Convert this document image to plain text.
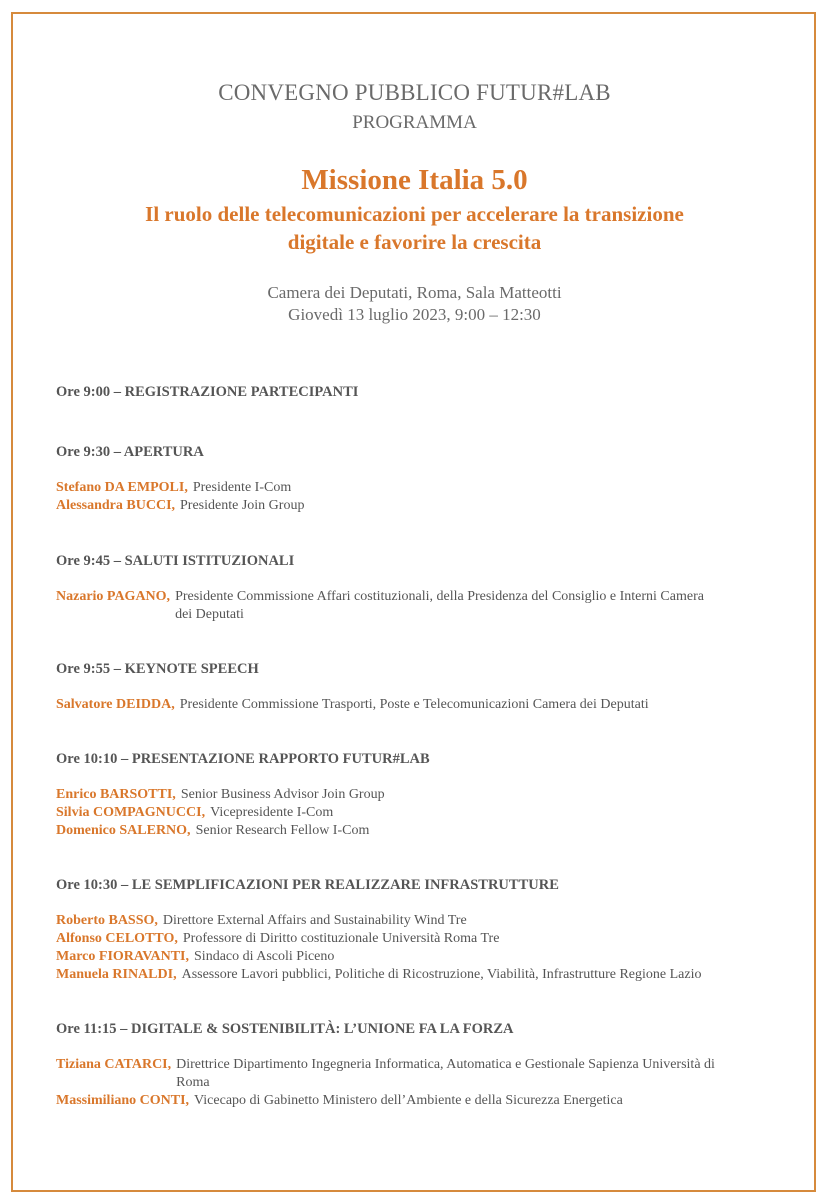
CONVEGNO PUBBLICO FUTUR#LAB
PROGRAMMA
Missione Italia 5.0
Il ruolo delle telecomunicazioni per accelerare la transizione
digitale e favorire la crescita
Camera dei Deputati, Roma, Sala Matteotti
Giovedì 13 luglio 2023, 9:00 – 12:30
Ore 9:00 – REGISTRAZIONE PARTECIPANTI
Ore 9:30 – APERTURA
Stefano DA EMPOLI, Presidente I-Com
Alessandra BUCCI, Presidente Join Group
Ore 9:45 – SALUTI ISTITUZIONALI
Nazario PAGANO, Presidente Commissione Affari costituzionali, della Presidenza del Consiglio e Interni Camera dei Deputati
Ore 9:55 – KEYNOTE SPEECH
Salvatore DEIDDA, Presidente Commissione Trasporti, Poste e Telecomunicazioni Camera dei Deputati
Ore 10:10 – PRESENTAZIONE RAPPORTO FUTUR#LAB
Enrico BARSOTTI, Senior Business Advisor Join Group
Silvia COMPAGNUCCI, Vicepresidente I-Com
Domenico SALERNO, Senior Research Fellow I-Com
Ore 10:30 – LE SEMPLIFICAZIONI PER REALIZZARE INFRASTRUTTURE
Roberto BASSO, Direttore External Affairs and Sustainability Wind Tre
Alfonso CELOTTO, Professore di Diritto costituzionale Università Roma Tre
Marco FIORAVANTI, Sindaco di Ascoli Piceno
Manuela RINALDI, Assessore Lavori pubblici, Politiche di Ricostruzione, Viabilità, Infrastrutture Regione Lazio
Ore 11:15 – DIGITALE & SOSTENIBILITÀ: L’UNIONE FA LA FORZA
Tiziana CATARCI, Direttrice Dipartimento Ingegneria Informatica, Automatica e Gestionale Sapienza Università di Roma
Massimiliano CONTI, Vicecapo di Gabinetto Ministero dell’Ambiente e della Sicurezza Energetica
